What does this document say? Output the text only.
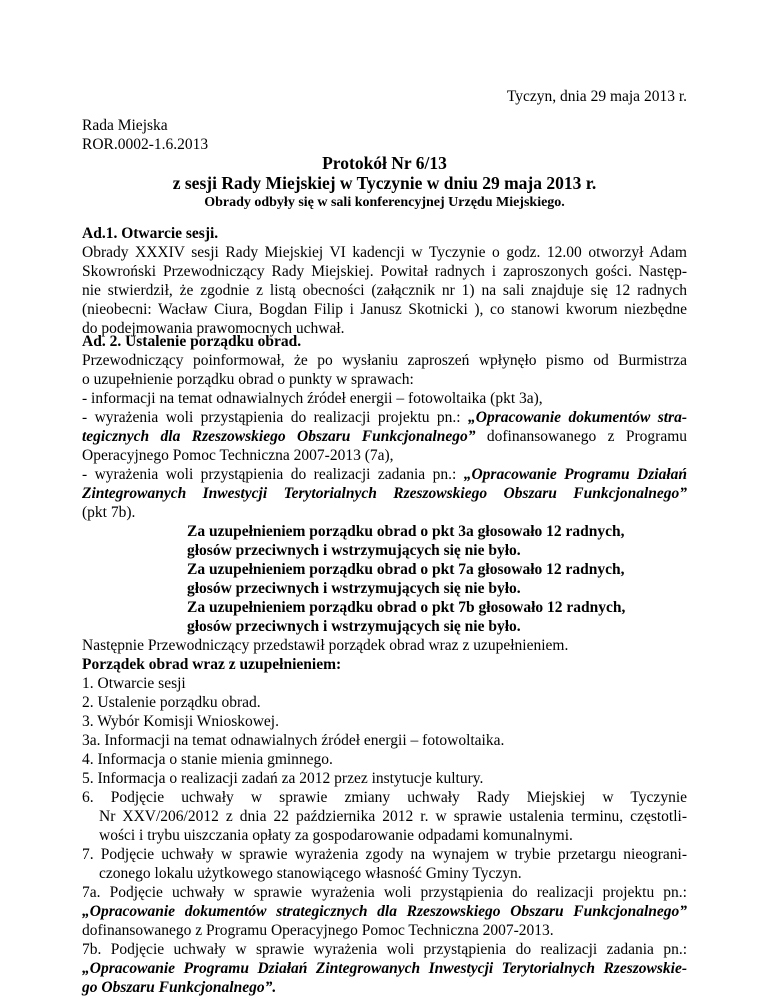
Tyczyn, dnia 29 maja 2013 r.
Rada Miejska
ROR.0002-1.6.2013
Protokół Nr 6/13
z sesji Rady Miejskiej w Tyczynie w dniu 29 maja 2013 r.
Obrady odbyły się w sali konferencyjnej Urzędu Miejskiego.

Ad.1. Otwarcie sesji.

Obrady XXXIV sesji Rady Miejskiej VI kadencji w Tyczynie o godz. 12.00 otworzył Adam

Skowroński Przewodniczący Rady Miejskiej. Powitał radnych i zaproszonych gości. Następ-

nie stwierdził, że zgodnie z listą obecności (załącznik nr 1) na sali znajduje się 12 radnych

(nieobecni: Wacław Ciura, Bogdan Filip i Janusz Skotnicki ), co stanowi kworum niezbędne

do podejmowania prawomocnych uchwał.

Ad. 2. Ustalenie porządku obrad.

Przewodniczący poinformował, że po wysłaniu zaproszeń wpłynęło pismo od Burmistrza

o uzupełnienie porządku obrad o punkty w sprawach:

- informacji na temat odnawialnych źródeł energii – fotowoltaika (pkt 3a),

- wyrażenia woli przystąpienia do realizacji projektu pn.: „Opracowanie dokumentów stra-

tegicznych dla Rzeszowskiego Obszaru Funkcjonalnego” dofinansowanego z Programu

Operacyjnego Pomoc Techniczna 2007-2013 (7a),

- wyrażenia woli przystąpienia do realizacji zadania pn.: „Opracowanie Programu Działań

Zintegrowanych Inwestycji Terytorialnych Rzeszowskiego Obszaru Funkcjonalnego”

(pkt 7b).

Za uzupełnieniem porządku obrad o pkt 3a głosowało 12 radnych,

głosów przeciwnych i wstrzymujących się nie było.

Za uzupełnieniem porządku obrad o pkt 7a głosowało 12 radnych,

głosów przeciwnych i wstrzymujących się nie było.

Za uzupełnieniem porządku obrad o pkt 7b głosowało 12 radnych,

głosów przeciwnych i wstrzymujących się nie było.

Następnie Przewodniczący przedstawił porządek obrad wraz z uzupełnieniem.

Porządek obrad wraz z uzupełnieniem:

1. Otwarcie sesji

2. Ustalenie porządku obrad.

3. Wybór Komisji Wnioskowej.

3a. Informacji na temat odnawialnych źródeł energii – fotowoltaika.

4. Informacja o stanie mienia gminnego.

5. Informacja o realizacji zadań za 2012 przez instytucje kultury.

6. Podjęcie uchwały w sprawie zmiany uchwały Rady Miejskiej w Tyczynie

Nr XXV/206/2012 z dnia 22 października 2012 r. w sprawie ustalenia terminu, częstotli-

wości i trybu uiszczania opłaty za gospodarowanie odpadami komunalnymi.

7. Podjęcie uchwały w sprawie wyrażenia zgody na wynajem w trybie przetargu nieograni-

czonego lokalu użytkowego stanowiącego własność Gminy Tyczyn.

7a. Podjęcie uchwały w sprawie wyrażenia woli przystąpienia do realizacji projektu pn.:

„Opracowanie dokumentów strategicznych dla Rzeszowskiego Obszaru Funkcjonalnego”

dofinansowanego z Programu Operacyjnego Pomoc Techniczna 2007-2013.

7b. Podjęcie uchwały w sprawie wyrażenia woli przystąpienia do realizacji zadania pn.:

„Opracowanie Programu Działań Zintegrowanych Inwestycji Terytorialnych Rzeszowskie-

go Obszaru Funkcjonalnego”.
